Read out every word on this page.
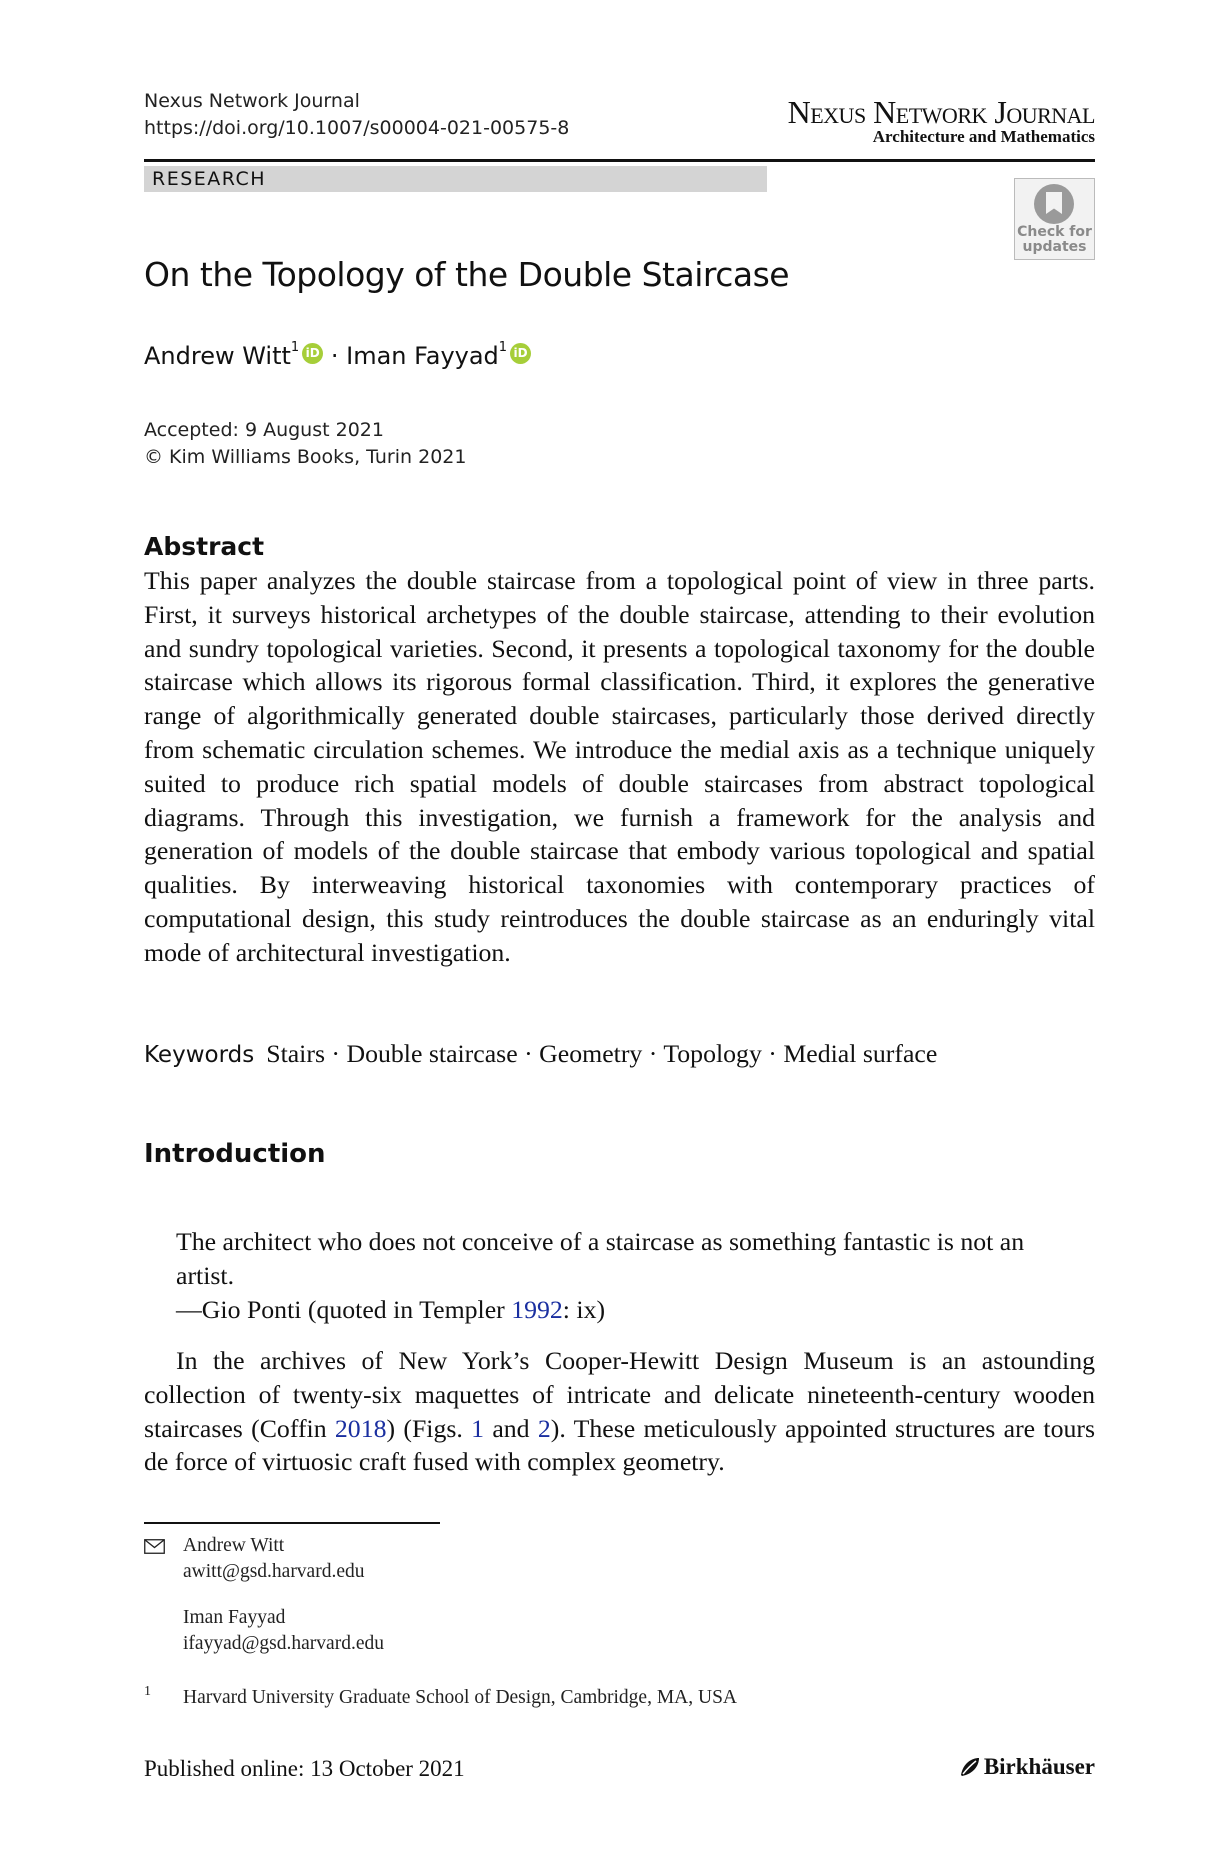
Nexus Network Journal
https://doi.org/10.1007/s00004-021-00575-8	Nexus Network Journal
Architecture and Mathematics
RESEARCH
Check for updates
On the Topology of the Double Staircase
Andrew Witt$^1$ iD · Iman Fayyad$^1$ iD
Accepted: 9 August 2021
© Kim Williams Books, Turin 2021
Abstract

This paper analyzes the double staircase from a topological point of view in three parts. First, it surveys historical archetypes of the double staircase, attending to their evolution and sundry topological varieties. Second, it presents a topological taxonomy for the double staircase which allows its rigorous formal classification. Third, it explores the generative range of algorithmically generated double staircases, particularly those derived directly from schematic circulation schemes. We introduce the medial axis as a technique uniquely suited to produce rich spatial models of double staircases from abstract topological diagrams. Through this investigation, we furnish a framework for the analysis and generation of models of the double staircase that embody various topological and spatial qualities. By interweaving historical taxonomies with contemporary practices of computational design, this study reintroduces the double staircase as an enduringly vital mode of architectural investigation.

Keywords Stairs · Double staircase · Geometry · Topology · Medial surface
Introduction
The architect who does not conceive of a staircase as something fantastic is not an artist.
—Gio Ponti (quoted in Templer 1992: ix)

In the archives of New York’s Cooper-Hewitt Design Museum is an astounding collection of twenty-six maquettes of intricate and delicate nineteenth-century wooden staircases (Coffin 2018) (Figs. 1 and 2). These meticulously appointed structures are tours de force of virtuosic craft fused with complex geometry.

Andrew Witt
awitt@gsd.harvard.edu
Iman Fayyad
ifayyad@gsd.harvard.edu
1 Harvard University Graduate School of Design, Cambridge, MA, USA
Published online: 13 October 2021	Birkhäuser
